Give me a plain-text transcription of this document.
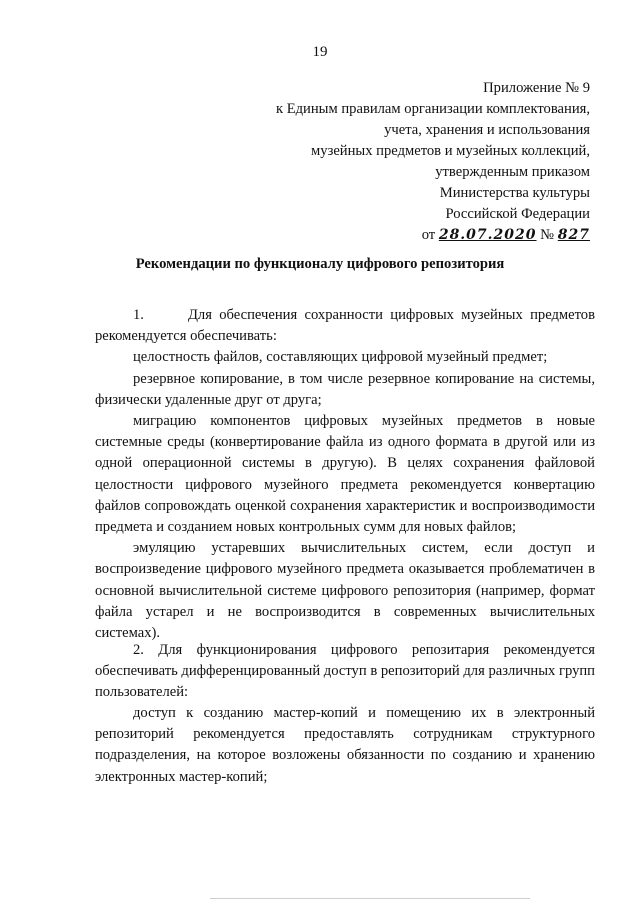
19
Приложение № 9
к Единым правилам организации комплектования,
учета, хранения и использования
музейных предметов и музейных коллекций,
утвержденным приказом
Министерства культуры
Российской Федерации
от 28.07.2020 № 827
Рекомендации по функционалу цифрового репозитория

1.      Для обеспечения сохранности цифровых музейных предметов рекомендуется обеспечивать:

целостность файлов, составляющих цифровой музейный предмет;

резервное копирование, в том числе резервное копирование на системы, физически удаленные друг от друга;

миграцию компонентов цифровых музейных предметов в новые системные среды (конвертирование файла из одного формата в другой или из одной операционной системы в другую). В целях сохранения файловой целостности цифрового музейного предмета рекомендуется конвертацию файлов сопровождать оценкой сохранения характеристик и воспроизводимости предмета и созданием новых контрольных сумм для новых файлов;

эмуляцию устаревших вычислительных систем, если доступ и воспроизведение цифрового музейного предмета оказывается проблематичен в основной вычислительной системе цифрового репозитория (например, формат файла устарел и не воспроизводится в современных вычислительных системах).

2. Для функционирования цифрового репозитария рекомендуется обеспечивать дифференцированный доступ в репозиторий для различных групп пользователей:

доступ к созданию мастер-копий и помещению их в электронный репозиторий рекомендуется предоставлять сотрудникам структурного подразделения, на которое возложены обязанности по созданию и хранению электронных мастер-копий;
